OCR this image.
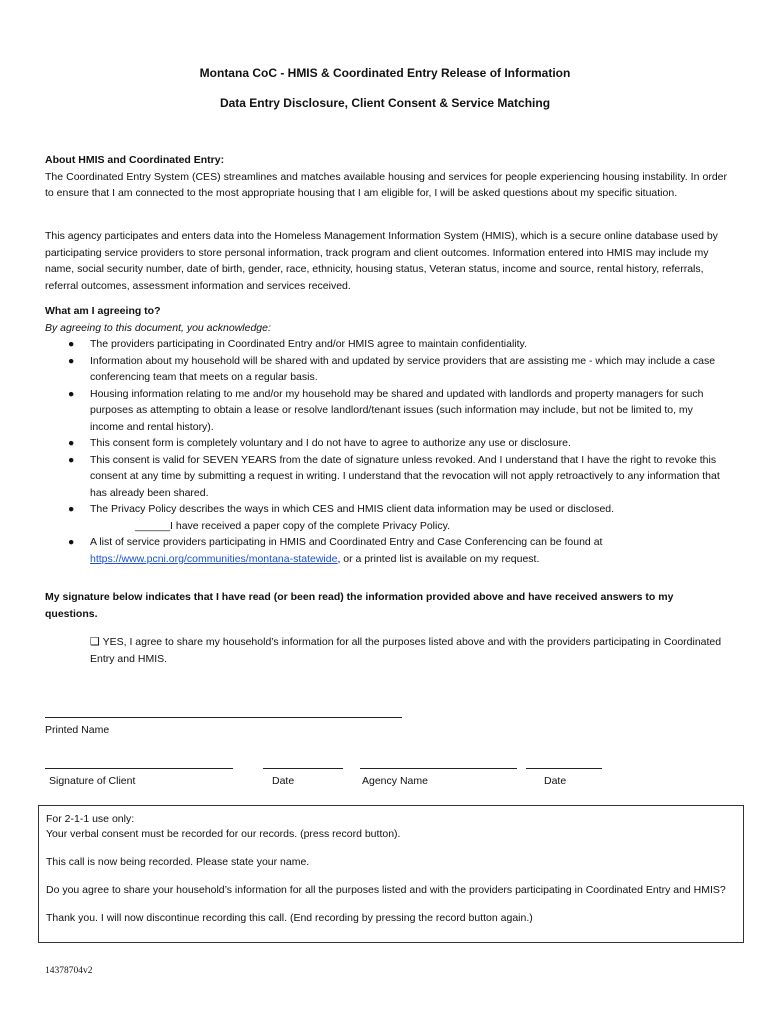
Montana CoC - HMIS & Coordinated Entry Release of Information
Data Entry Disclosure, Client Consent & Service Matching
About HMIS and Coordinated Entry:
The Coordinated Entry System (CES) streamlines and matches available housing and services for people experiencing housing instability. In order to ensure that I am connected to the most appropriate housing that I am eligible for, I will be asked questions about my specific situation.
This agency participates and enters data into the Homeless Management Information System (HMIS), which is a secure online database used by participating service providers to store personal information, track program and client outcomes. Information entered into HMIS may include my name, social security number, date of birth, gender, race, ethnicity, housing status, Veteran status, income and source, rental history, referrals, referral outcomes, assessment information and services received.
What am I agreeing to?
By agreeing to this document, you acknowledge:
● The providers participating in Coordinated Entry and/or HMIS agree to maintain confidentiality.
● Information about my household will be shared with and updated by service providers that are assisting me - which may include a case conferencing team that meets on a regular basis.
● Housing information relating to me and/or my household may be shared and updated with landlords and property managers for such purposes as attempting to obtain a lease or resolve landlord/tenant issues (such information may include, but not be limited to, my income and rental history).
● This consent form is completely voluntary and I do not have to agree to authorize any use or disclosure.
● This consent is valid for SEVEN YEARS from the date of signature unless revoked. And I understand that I have the right to revoke this consent at any time by submitting a request in writing. I understand that the revocation will not apply retroactively to any information that has already been shared.
● The Privacy Policy describes the ways in which CES and HMIS client data information may be used or disclosed.
______I have received a paper copy of the complete Privacy Policy.
● A list of service providers participating in HMIS and Coordinated Entry and Case Conferencing can be found at https://www.pcni.org/communities/montana-statewide, or a printed list is available on my request.
My signature below indicates that I have read (or been read) the information provided above and have received answers to my questions.
❑ YES, I agree to share my household’s information for all the purposes listed above and with the providers participating in Coordinated Entry and HMIS.
Printed Name
Signature of Client	Date	Agency Name	Date

For 2-1-1 use only:

Your verbal consent must be recorded for our records. (press record button).

This call is now being recorded. Please state your name.

Do you agree to share your household’s information for all the purposes listed and with the providers participating in Coordinated Entry and HMIS?

Thank you. I will now discontinue recording this call. (End recording by pressing the record button again.)

14378704v2
